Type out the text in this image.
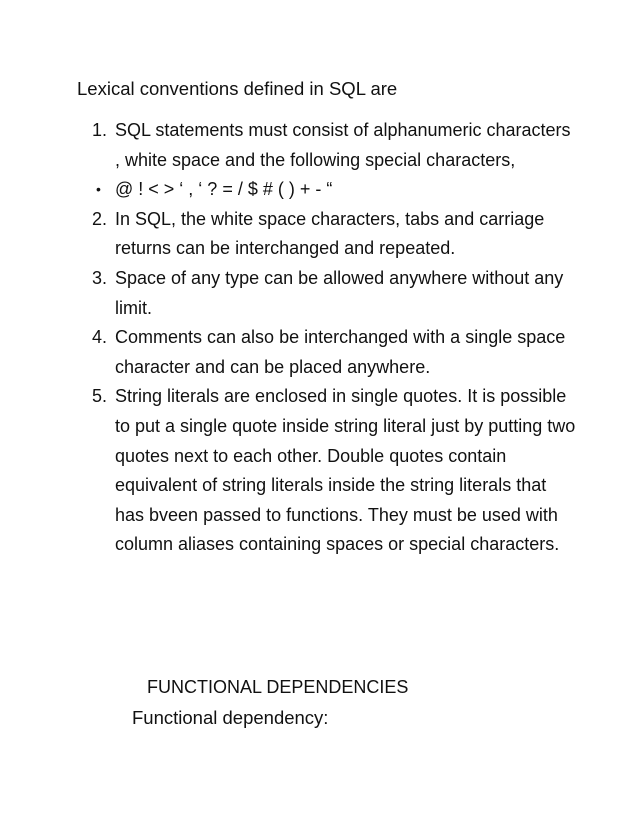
Lexical conventions defined in SQL are
1. SQL statements must consist of alphanumeric characters , white space and the following special characters,
• @ ! < > ‘ , ‘ ? = / $ # ( ) + - “
2. In SQL, the white space characters, tabs and carriage returns can be interchanged and repeated.
3. Space of any type can be allowed anywhere without any limit.
4. Comments can also be interchanged with a single space character and can be placed anywhere.
5. String literals are enclosed in single quotes. It is possible to put a single quote inside string literal just by putting two quotes next to each other. Double quotes contain equivalent of string literals inside the string literals that has bveen passed to functions. They must be used with column aliases containing spaces or special characters.
FUNCTIONAL DEPENDENCIES
Functional dependency:
